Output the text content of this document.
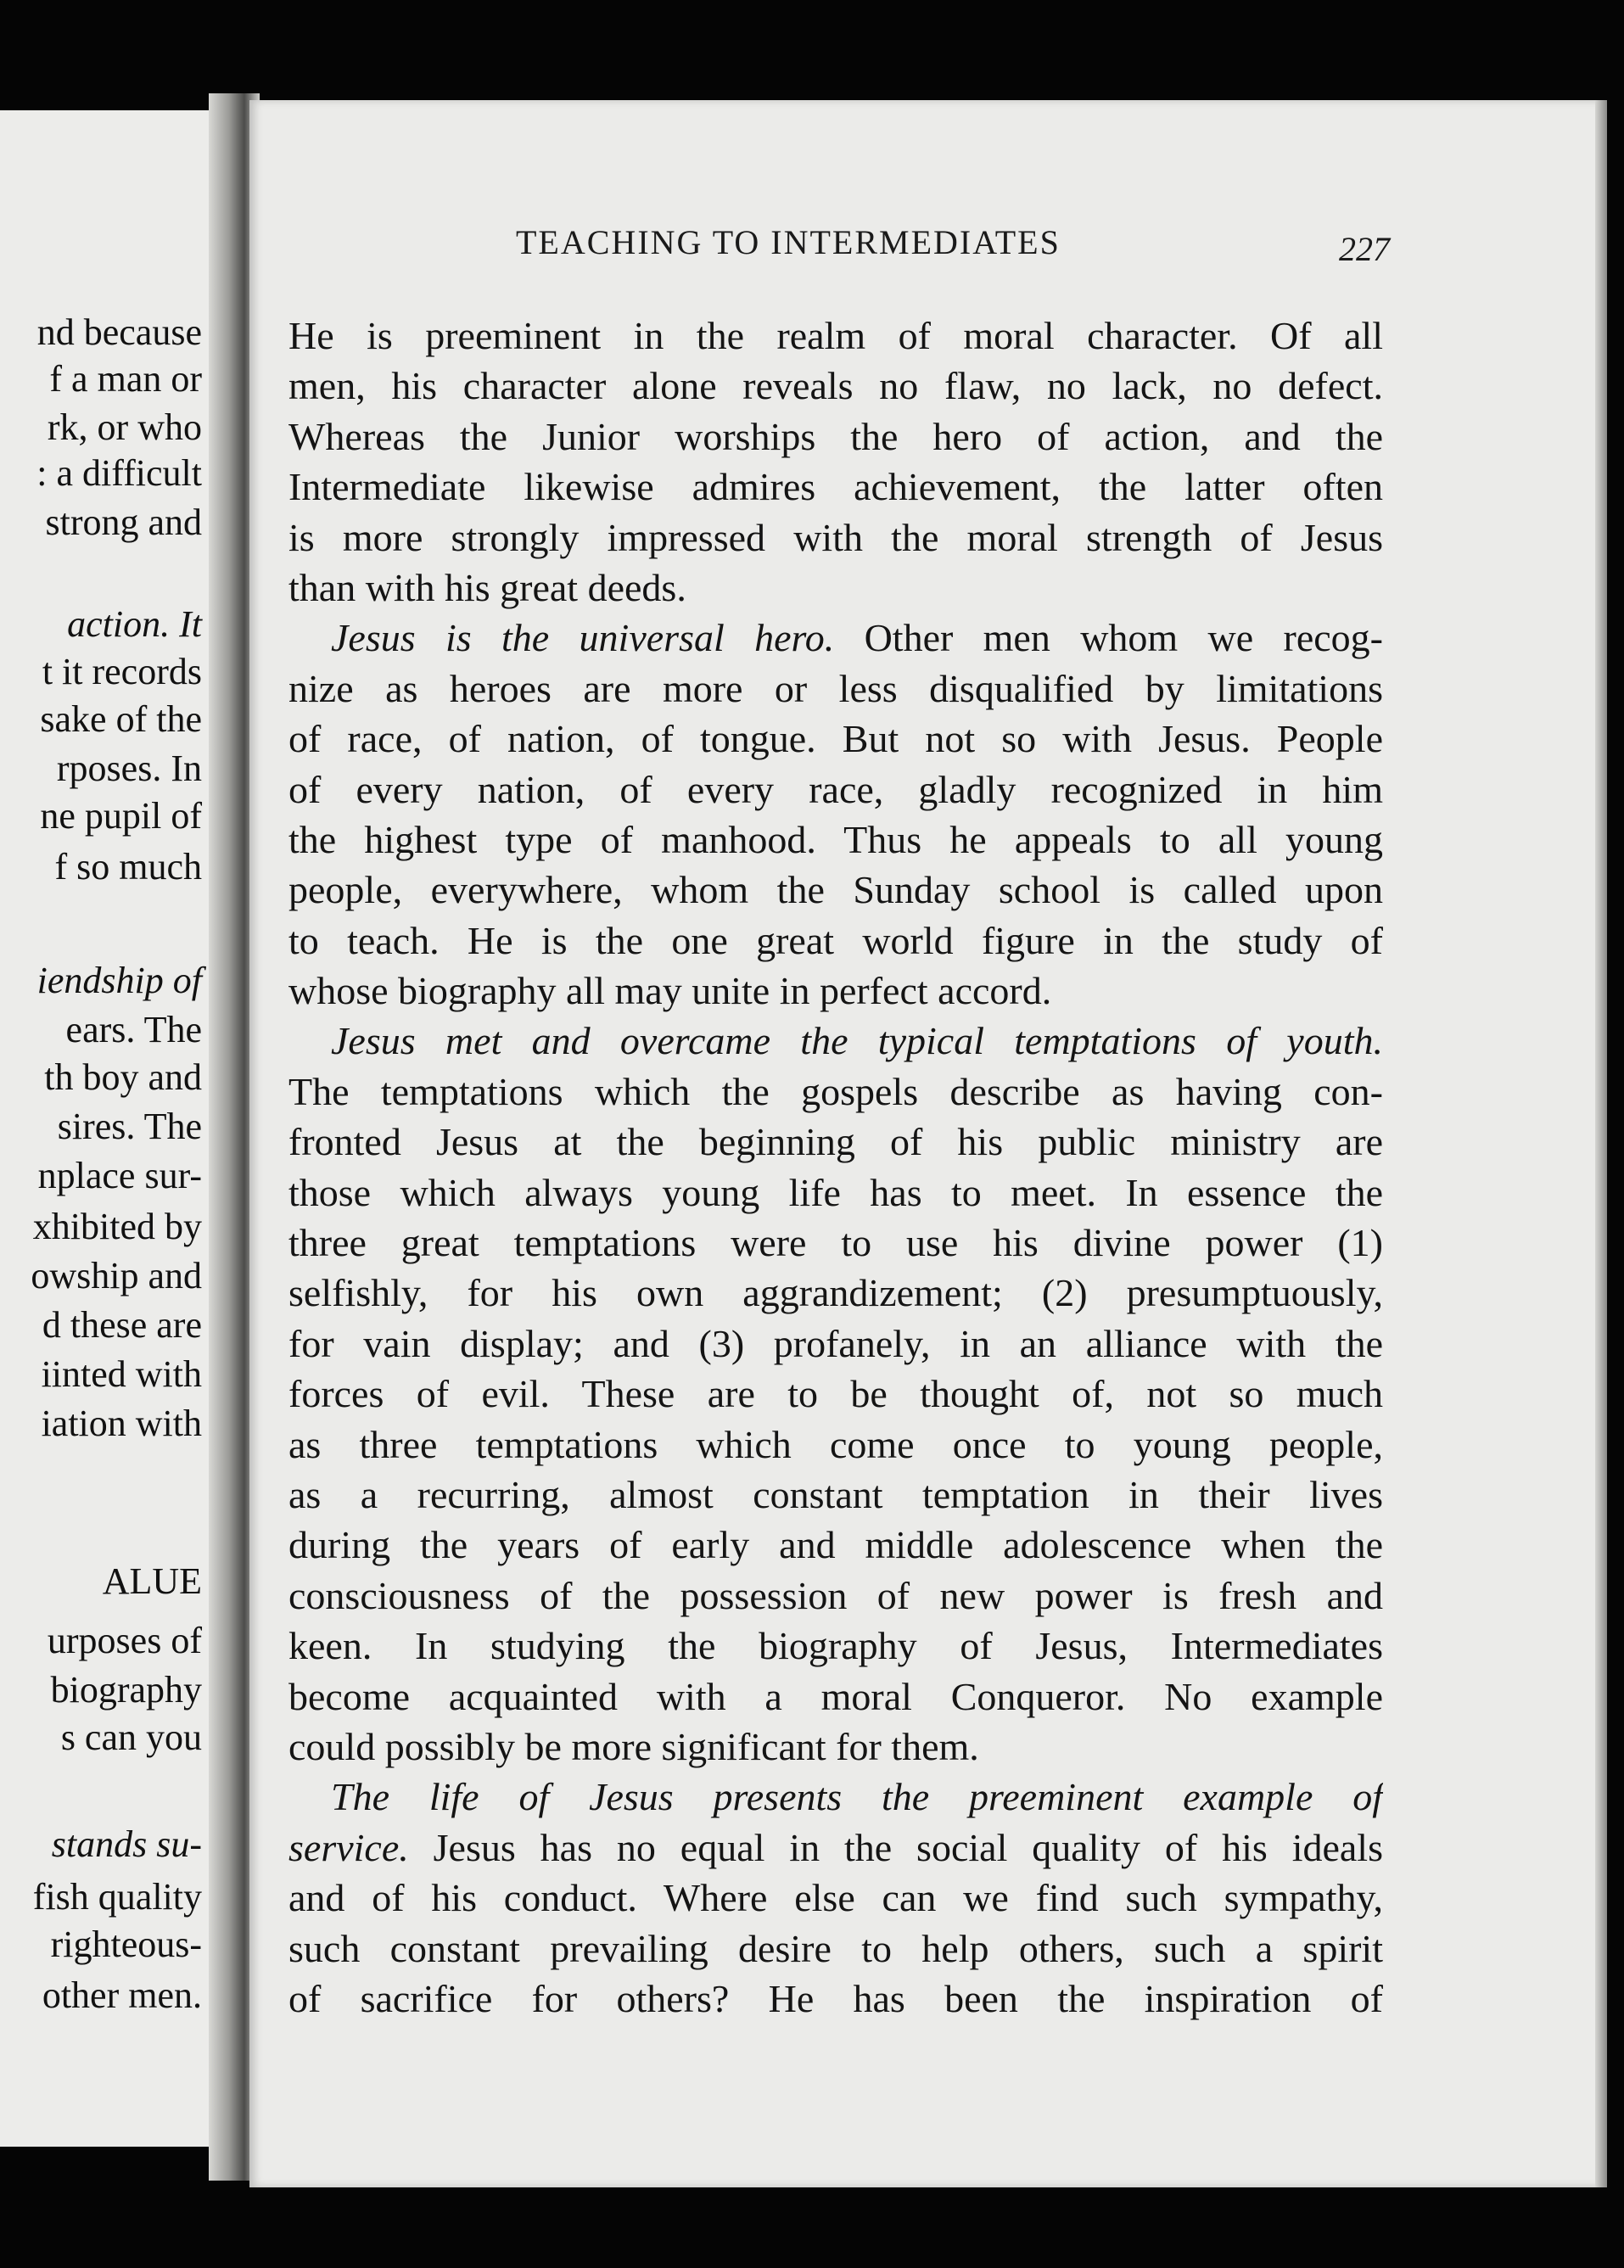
nd because
f a man or
rk, or who
: a difficult
strong and
action. It
t it records
sake of the
rposes. In
ne pupil of
f so much
iendship of
ears. The
th boy and
sires. The
nplace sur-
xhibited by
owship and
d these are
iinted with
iation with
ALUE
urposes of
biography
s can you
stands su-
fish quality
righteous-
other men.
TEACHING TO INTERMEDIATES	227
He is preeminent in the realm of moral character. Of all
men, his character alone reveals no flaw, no lack, no defect.
Whereas the Junior worships the hero of action, and the
Intermediate likewise admires achievement, the latter often
is more strongly impressed with the moral strength of Jesus
than with his great deeds.
Jesus is the universal hero. Other men whom we recog-
nize as heroes are more or less disqualified by limitations
of race, of nation, of tongue. But not so with Jesus. People
of every nation, of every race, gladly recognized in him
the highest type of manhood. Thus he appeals to all young
people, everywhere, whom the Sunday school is called upon
to teach. He is the one great world figure in the study of
whose biography all may unite in perfect accord.
Jesus met and overcame the typical temptations of youth.
The temptations which the gospels describe as having con-
fronted Jesus at the beginning of his public ministry are
those which always young life has to meet. In essence the
three great temptations were to use his divine power (1)
selfishly, for his own aggrandizement; (2) presumptuously,
for vain display; and (3) profanely, in an alliance with the
forces of evil. These are to be thought of, not so much
as three temptations which come once to young people,
as a recurring, almost constant temptation in their lives
during the years of early and middle adolescence when the
consciousness of the possession of new power is fresh and
keen. In studying the biography of Jesus, Intermediates
become acquainted with a moral Conqueror. No example
could possibly be more significant for them.
The life of Jesus presents the preeminent example of
service. Jesus has no equal in the social quality of his ideals
and of his conduct. Where else can we find such sympathy,
such constant prevailing desire to help others, such a spirit
of sacrifice for others? He has been the inspiration of
